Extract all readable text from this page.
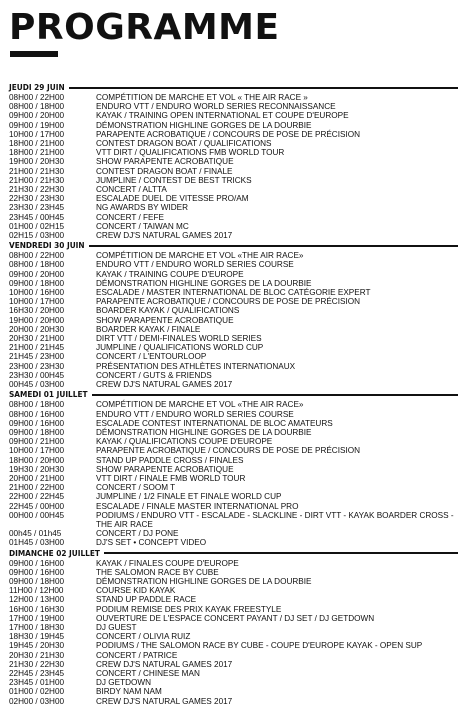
PROGRAMME
JEUDI 29 JUIN
08H00 / 22H00	COMPÉTITION DE MARCHE ET VOL « THE AIR RACE »
08H00 / 18H00	ENDURO VTT / ENDURO WORLD SERIES RECONNAISSANCE
09H00 / 20H00	KAYAK / TRAINING OPEN INTERNATIONAL ET COUPE D'EUROPE
09H00 / 19H00	DÉMONSTRATION HIGHLINE GORGES DE LA DOURBIE
10H00 / 17H00	PARAPENTE ACROBATIQUE / CONCOURS DE POSE DE PRÉCISION
18H00 / 21H00	CONTEST DRAGON BOAT / QUALIFICATIONS
18H00 / 21H00	VTT DIRT / QUALIFICATIONS FMB WORLD TOUR
19H00 / 20H30	SHOW PARAPENTE ACROBATIQUE
21H00 / 21H30	CONTEST DRAGON BOAT / FINALE
21H00 / 21H30	JUMPLINE / CONTEST DE BEST TRICKS
21H30 / 22H30	CONCERT / ALTTA
22H30 / 23H30	ESCALADE DUEL DE VITESSE PRO/AM
23H30 / 23H45	NG AWARDS BY WIDER
23H45 / 00H45	CONCERT / FEFE
01H00 / 02H15	CONCERT / TAIWAN MC
02H15 / 03H00	CREW DJ'S NATURAL GAMES 2017
VENDREDI 30 JUIN
08H00 / 22H00	COMPÉTITION DE MARCHE ET VOL «THE AIR RACE»
08H00 / 18H00	ENDURO VTT / ENDURO WORLD SERIES COURSE
09H00 / 20H00	KAYAK / TRAINING COUPE D'EUROPE
09H00 / 18H00	DÉMONSTRATION HIGHLINE GORGES DE LA DOURBIE
10H00 / 16H00	ESCALADE / MASTER INTERNATIONAL DE BLOC CATÉGORIE EXPERT
10H00 / 17H00	PARAPENTE ACROBATIQUE / CONCOURS DE POSE DE PRÉCISION
16H30 / 20H00	BOARDER KAYAK / QUALIFICATIONS
19H00 / 20H00	SHOW PARAPENTE ACROBATIQUE
20H00 / 20H30	BOARDER KAYAK / FINALE
20H30 / 21H00	DIRT VTT / DEMI-FINALES WORLD SERIES
21H00 / 21H45	JUMPLINE / QUALIFICATIONS WORLD CUP
21H45 / 23H00	CONCERT / L'ENTOURLOOP
23H00 / 23H30	PRÉSENTATION DES ATHLÈTES INTERNATIONAUX
23H30 / 00H45	CONCERT / GUTS & FRIENDS
00H45 / 03H00	CREW DJ'S NATURAL GAMES 2017
SAMEDI 01 JUILLET
08H00 / 18H00	COMPÉTITION DE MARCHE ET VOL «THE AIR RACE»
08H00 / 16H00	ENDURO VTT / ENDURO WORLD SERIES COURSE
09H00 / 16H00	ESCALADE CONTEST INTERNATIONAL DE BLOC AMATEURS
09H00 / 18H00	DÉMONSTRATION HIGHLINE GORGES DE LA DOURBIE
09H00 / 21H00	KAYAK / QUALIFICATIONS COUPE D'EUROPE
10H00 / 17H00	PARAPENTE ACROBATIQUE / CONCOURS DE POSE DE PRÉCISION
18H00 / 20H00	STAND UP PADDLE CROSS / FINALES
19H30 / 20H30	SHOW PARAPENTE ACROBATIQUE
20H00 / 21H00	VTT DIRT / FINALE FMB WORLD TOUR
21H00 / 22H00	CONCERT / SOOM T
22H00 / 22H45	JUMPLINE / 1/2 FINALE ET FINALE WORLD CUP
22H45 / 00H00	ESCALADE / FINALE MASTER INTERNATIONAL PRO
00H00 / 00H45	PODIUMS / ENDURO VTT - ESCALADE - SLACKLINE - DIRT VTT - KAYAK BOARDER CROSS - THE AIR RACE
00h45 / 01h45	CONCERT / DJ PONE
01H45 / 03H00	DJ'S SET • CONCEPT VIDEO
DIMANCHE 02 JUILLET
09H00 / 16H00	KAYAK / FINALES COUPE D'EUROPE
09H00 / 16H00	THE SALOMON RACE BY CUBE
09H00 / 18H00	DÉMONSTRATION HIGHLINE GORGES DE LA DOURBIE
11H00 / 12H00	COURSE KID KAYAK
12H00 / 13H00	STAND UP PADDLE RACE
16H00 / 16H30	PODIUM REMISE DES PRIX KAYAK FREESTYLE
17H00 / 19H00	OUVERTURE DE L'ESPACE CONCERT PAYANT / DJ SET / DJ GETDOWN
17H00 / 18H30	DJ GUEST
18H30 / 19H45	CONCERT / OLIVIA RUIZ
19H45 / 20H30	PODIUMS / THE SALOMON RACE BY CUBE - COUPE D'EUROPE KAYAK - OPEN SUP
20H30 / 21H30	CONCERT / PATRICE
21H30 / 22H30	CREW DJ'S NATURAL GAMES 2017
22H45 / 23H45	CONCERT / CHINESE MAN
23H45 / 01H00	DJ GETDOWN
01H00 / 02H00	BIRDY NAM NAM
02H00 / 03H00	CREW DJ'S NATURAL GAMES 2017
